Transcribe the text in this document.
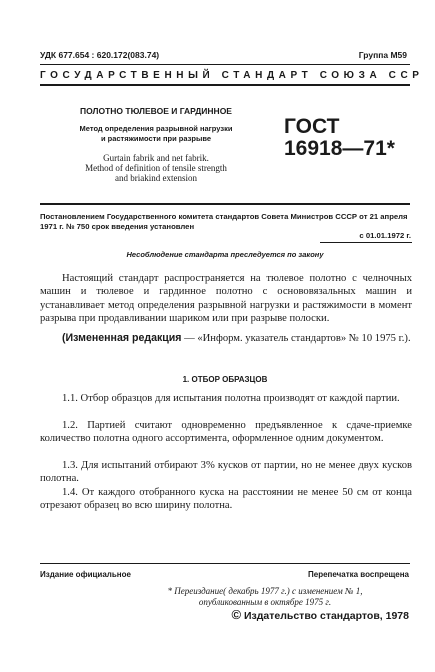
УДК 677.654 : 620.172(083.74)	Группа М59
ГОСУДАРСТВЕННЫЙ СТАНДАРТ СОЮЗА ССР
ПОЛОТНО ТЮЛЕВОЕ И ГАРДИННОЕ
Метод определения разрывной нагрузки
и растяжимости при разрыве
Gurtain fabrik and net fabrik.
Method of definition of tensile strength
and briakind extension
ГОСТ
16918—71*
Постановлением Государственного комитета стандартов Совета Министров СССР от 21 апреля 1971 г. № 750 срок введения установлен
с 01.01.1972 г.
Несоблюдение стандарта преследуется по закону
Настоящий стандарт распространяется на тюлевое полотно с челночных машин и тюлевое и гардинное полотно с основовязальных машин и устанавливает метод определения разрывной нагрузки и растяжимости в момент разрыва при продавливании шариком или при разрыве полоски.
(Измененная редакция — «Информ. указатель стандартов» № 10 1975 г.).
1. ОТБОР ОБРАЗЦОВ
1.1. Отбор образцов для испытания полотна производят от каждой партии.
1.2. Партией считают одновременно предъявленное к сдаче-приемке количество полотна одного ассортимента, оформленное одним документом.
1.3. Для испытаний отбирают 3% кусков от партии, но не менее двух кусков полотна.
1.4. От каждого отобранного куска на расстоянии не менее 50 см от конца отрезают образец во всю ширину полотна.
Издание официальное	Перепечатка воспрещена
* Переиздание( декабрь 1977 г.) с изменением № 1,
опубликованным в октябре 1975 г.
© Издательство стандартов, 1978
